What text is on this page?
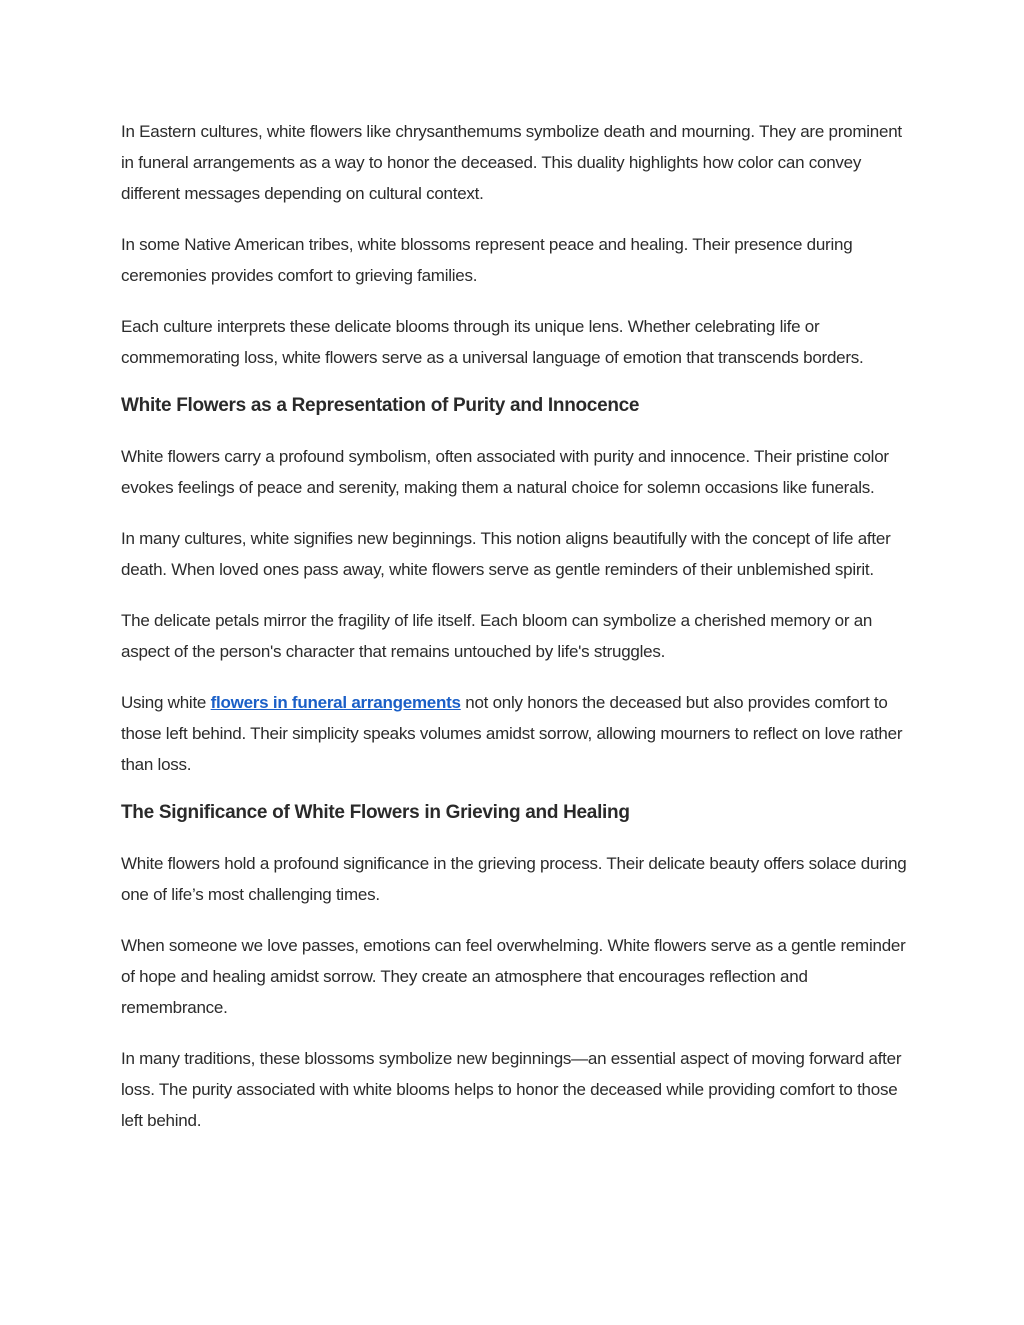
In Eastern cultures, white flowers like chrysanthemums symbolize death and mourning. They are prominent in funeral arrangements as a way to honor the deceased. This duality highlights how color can convey different messages depending on cultural context.

In some Native American tribes, white blossoms represent peace and healing. Their presence during ceremonies provides comfort to grieving families.

Each culture interprets these delicate blooms through its unique lens. Whether celebrating life or commemorating loss, white flowers serve as a universal language of emotion that transcends borders.

White Flowers as a Representation of Purity and Innocence

White flowers carry a profound symbolism, often associated with purity and innocence. Their pristine color evokes feelings of peace and serenity, making them a natural choice for solemn occasions like funerals.

In many cultures, white signifies new beginnings. This notion aligns beautifully with the concept of life after death. When loved ones pass away, white flowers serve as gentle reminders of their unblemished spirit.

The delicate petals mirror the fragility of life itself. Each bloom can symbolize a cherished memory or an aspect of the person's character that remains untouched by life's struggles.

Using white flowers in funeral arrangements not only honors the deceased but also provides comfort to those left behind. Their simplicity speaks volumes amidst sorrow, allowing mourners to reflect on love rather than loss.

The Significance of White Flowers in Grieving and Healing

White flowers hold a profound significance in the grieving process. Their delicate beauty offers solace during one of life’s most challenging times.

When someone we love passes, emotions can feel overwhelming. White flowers serve as a gentle reminder of hope and healing amidst sorrow. They create an atmosphere that encourages reflection and remembrance.

In many traditions, these blossoms symbolize new beginnings—an essential aspect of moving forward after loss. The purity associated with white blooms helps to honor the deceased while providing comfort to those left behind.
